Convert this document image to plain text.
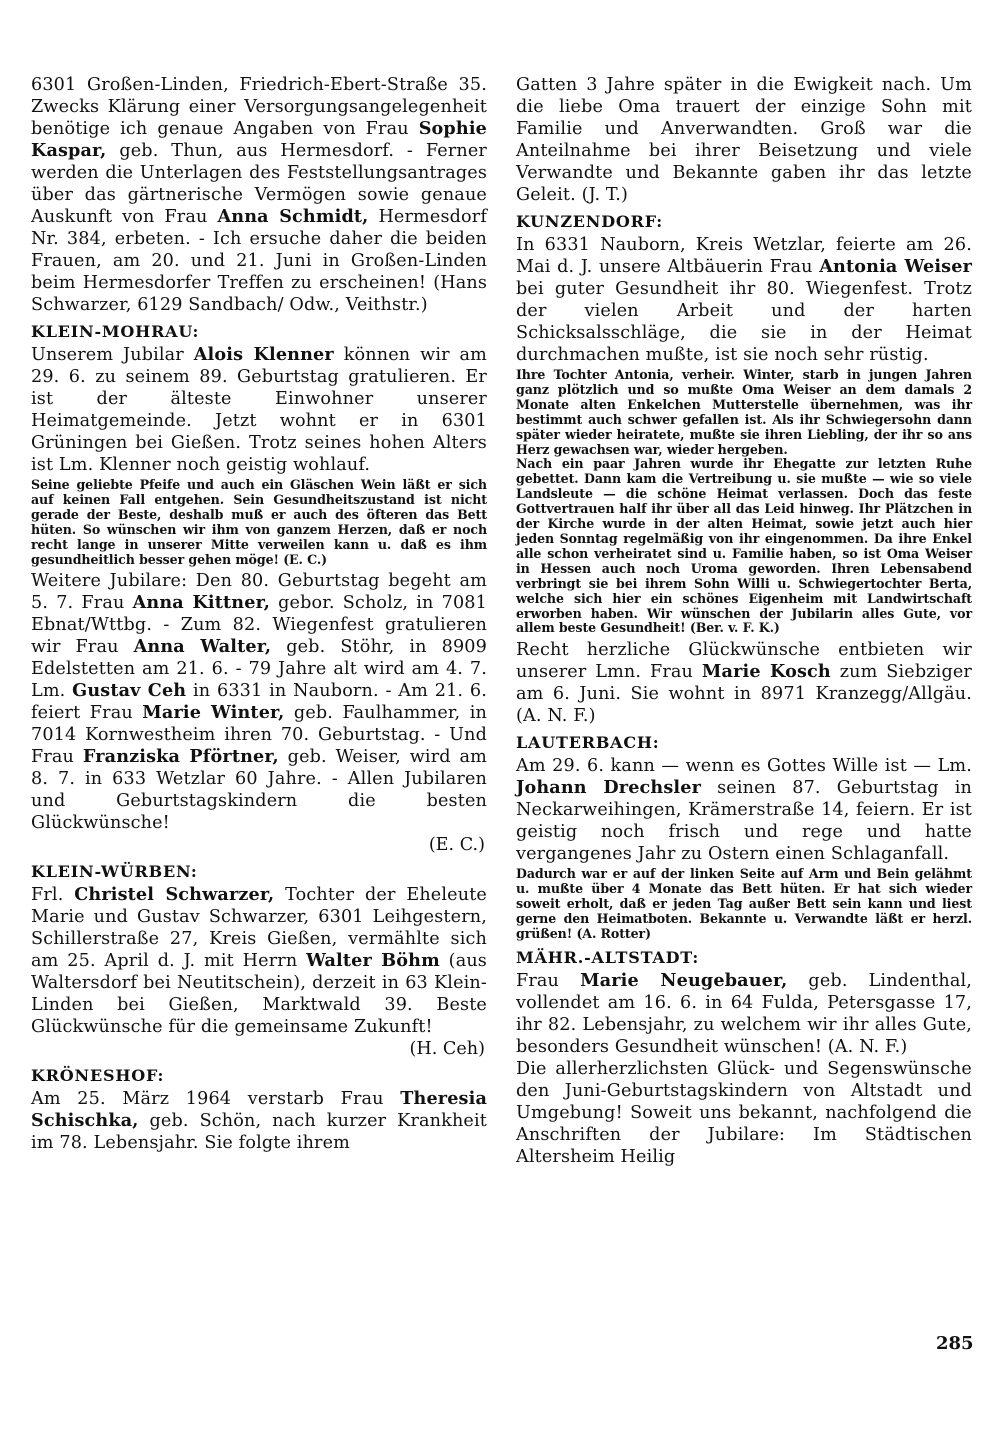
6301 Großen-Linden, Friedrich-Ebert-Straße 35. Zwecks Klärung einer Versorgungsangelegenheit benötige ich genaue Angaben von Frau Sophie Kaspar, geb. Thun, aus Hermesdorf. - Ferner werden die Unterlagen des Feststellungsantrages über das gärtnerische Vermögen sowie genaue Auskunft von Frau Anna Schmidt, Hermesdorf Nr. 384, erbeten. - Ich ersuche daher die beiden Frauen, am 20. und 21. Juni in Großen-Linden beim Hermesdorfer Treffen zu erscheinen! (Hans Schwarzer, 6129 Sandbach/ Odw., Veithstr.)

KLEIN-MOHRAU:

Unserem Jubilar Alois Klenner können wir am 29. 6. zu seinem 89. Geburtstag gratulieren. Er ist der älteste Einwohner unserer Heimatgemeinde. Jetzt wohnt er in 6301 Grüningen bei Gießen. Trotz seines hohen Alters ist Lm. Klenner noch geistig wohlauf.

Seine geliebte Pfeife und auch ein Gläschen Wein läßt er sich auf keinen Fall entgehen. Sein Gesundheitszustand ist nicht gerade der Beste, deshalb muß er auch des öfteren das Bett hüten. So wünschen wir ihm von ganzem Herzen, daß er noch recht lange in unserer Mitte verweilen kann u. daß es ihm gesundheitlich besser gehen möge! (E. C.)

Weitere Jubilare: Den 80. Geburtstag begeht am 5. 7. Frau Anna Kittner, gebor. Scholz, in 7081 Ebnat/Wttbg. - Zum 82. Wiegenfest gratulieren wir Frau Anna Walter, geb. Stöhr, in 8909 Edelstetten am 21. 6. - 79 Jahre alt wird am 4. 7. Lm. Gustav Ceh in 6331 in Nauborn. - Am 21. 6. feiert Frau Marie Winter, geb. Faulhammer, in 7014 Kornwestheim ihren 70. Geburtstag. - Und Frau Franziska Pförtner, geb. Weiser, wird am 8. 7. in 633 Wetzlar 60 Jahre. - Allen Jubilaren und Geburtstagskindern die besten Glückwünsche!

(E. C.)

KLEIN-WÜRBEN:

Frl. Christel Schwarzer, Tochter der Eheleute Marie und Gustav Schwarzer, 6301 Leihgestern, Schillerstraße 27, Kreis Gießen, vermählte sich am 25. April d. J. mit Herrn Walter Böhm (aus Waltersdorf bei Neutitschein), derzeit in 63 Klein-Linden bei Gießen, Marktwald 39. Beste Glückwünsche für die gemeinsame Zukunft!

(H. Ceh)

KRÖNESHOF:

Am 25. März 1964 verstarb Frau Theresia Schischka, geb. Schön, nach kurzer Krankheit im 78. Lebensjahr. Sie folgte ihrem

Gatten 3 Jahre später in die Ewigkeit nach. Um die liebe Oma trauert der einzige Sohn mit Familie und Anverwandten. Groß war die Anteilnahme bei ihrer Beisetzung und viele Verwandte und Bekannte gaben ihr das letzte Geleit. (J. T.)

KUNZENDORF:

In 6331 Nauborn, Kreis Wetzlar, feierte am 26. Mai d. J. unsere Altbäuerin Frau Antonia Weiser bei guter Gesundheit ihr 80. Wiegenfest. Trotz der vielen Arbeit und der harten Schicksalsschläge, die sie in der Heimat durchmachen mußte, ist sie noch sehr rüstig.

Ihre Tochter Antonia, verheir. Winter, starb in jungen Jahren ganz plötzlich und so mußte Oma Weiser an dem damals 2 Monate alten Enkelchen Mutterstelle übernehmen, was ihr bestimmt auch schwer gefallen ist. Als ihr Schwiegersohn dann später wieder heiratete, mußte sie ihren Liebling, der ihr so ans Herz gewachsen war, wieder hergeben.

Nach ein paar Jahren wurde ihr Ehegatte zur letzten Ruhe gebettet. Dann kam die Vertreibung u. sie mußte — wie so viele Landsleute — die schöne Heimat verlassen. Doch das feste Gottvertrauen half ihr über all das Leid hinweg. Ihr Plätzchen in der Kirche wurde in der alten Heimat, sowie jetzt auch hier jeden Sonntag regelmäßig von ihr eingenommen. Da ihre Enkel alle schon verheiratet sind u. Familie haben, so ist Oma Weiser in Hessen auch noch Uroma geworden. Ihren Lebensabend verbringt sie bei ihrem Sohn Willi u. Schwiegertochter Berta, welche sich hier ein schönes Eigenheim mit Landwirtschaft erworben haben. Wir wünschen der Jubilarin alles Gute, vor allem beste Gesundheit! (Ber. v. F. K.)

Recht herzliche Glückwünsche entbieten wir unserer Lmn. Frau Marie Kosch zum Siebziger am 6. Juni. Sie wohnt in 8971 Kranzegg/Allgäu. (A. N. F.)

LAUTERBACH:

Am 29. 6. kann — wenn es Gottes Wille ist — Lm. Johann Drechsler seinen 87. Geburtstag in Neckarweihingen, Krämerstraße 14, feiern. Er ist geistig noch frisch und rege und hatte vergangenes Jahr zu Ostern einen Schlaganfall.

Dadurch war er auf der linken Seite auf Arm und Bein gelähmt u. mußte über 4 Monate das Bett hüten. Er hat sich wieder soweit erholt, daß er jeden Tag außer Bett sein kann und liest gerne den Heimatboten. Bekannte u. Verwandte läßt er herzl. grüßen! (A. Rotter)

MÄHR.-ALTSTADT:

Frau Marie Neugebauer, geb. Lindenthal, vollendet am 16. 6. in 64 Fulda, Petersgasse 17, ihr 82. Lebensjahr, zu welchem wir ihr alles Gute, besonders Gesundheit wünschen! (A. N. F.)

Die allerherzlichsten Glück- und Segenswünsche den Juni-Geburtstagskindern von Altstadt und Umgebung! Soweit uns bekannt, nachfolgend die Anschriften der Jubilare: Im Städtischen Altersheim Heilig

285
